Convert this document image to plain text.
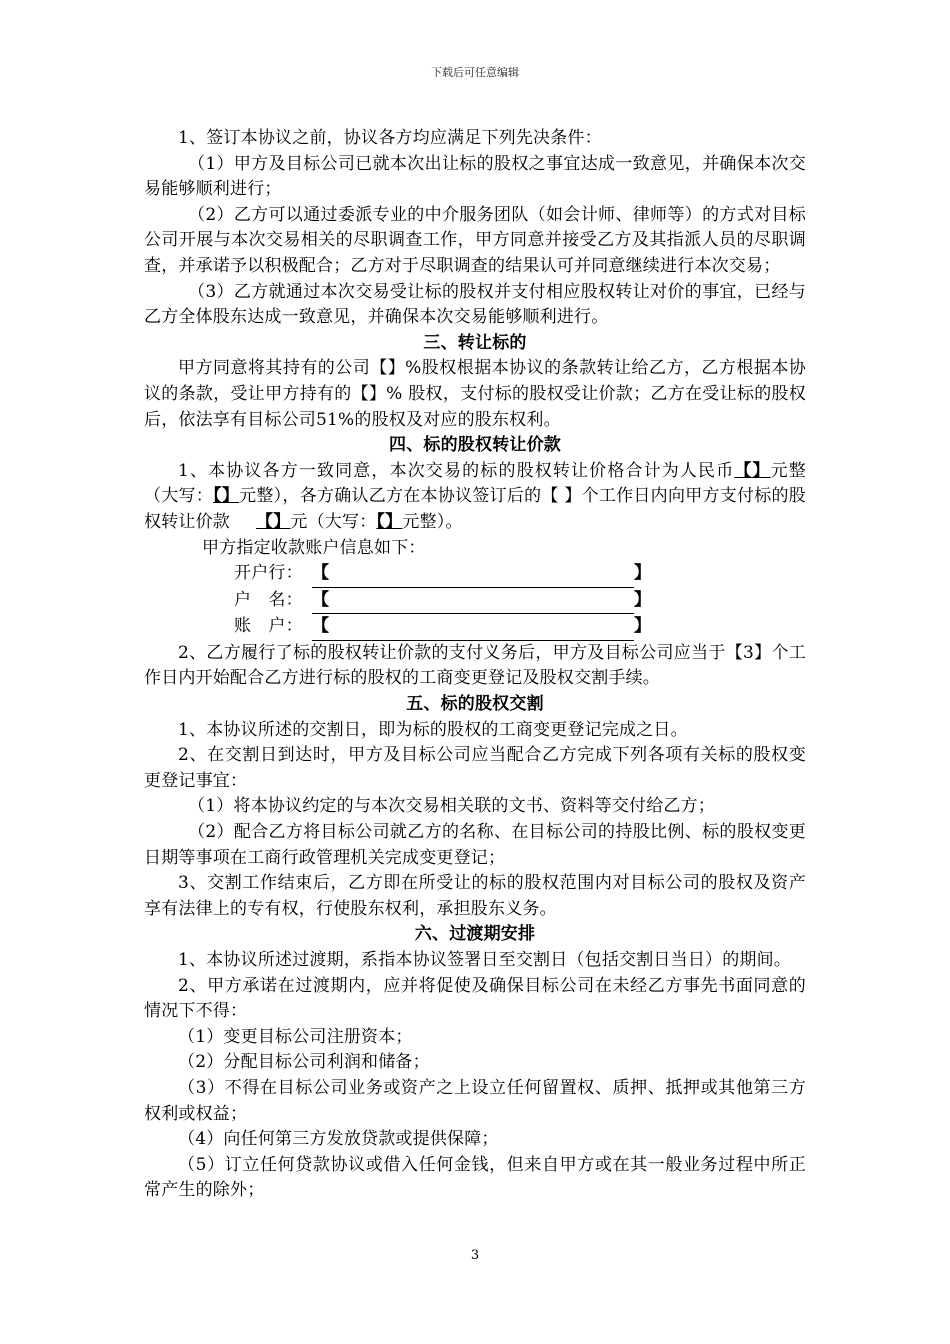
下载后可任意编辑

1、签订本协议之前，协议各方均应满足下列先决条件：

（1）甲方及目标公司已就本次出让标的股权之事宜达成一致意见，并确保本次交易能够顺利进行；

（2）乙方可以通过委派专业的中介服务团队（如会计师、律师等）的方式对目标公司开展与本次交易相关的尽职调查工作，甲方同意并接受乙方及其指派人员的尽职调查，并承诺予以积极配合；乙方对于尽职调查的结果认可并同意继续进行本次交易；

（3）乙方就通过本次交易受让标的股权并支付相应股权转让对价的事宜，已经与乙方全体股东达成一致意见，并确保本次交易能够顺利进行。

三、转让标的

甲方同意将其持有的公司【】%股权根据本协议的条款转让给乙方，乙方根据本协议的条款，受让甲方持有的【】% 股权，支付标的股权受让价款；乙方在受让标的股权后，依法享有目标公司51%的股权及对应的股东权利。

四、标的股权转让价款

1、本协议各方一致同意，本次交易的标的股权转让价格合计为人民币【】元整（大写：【】元整），各方确认乙方在本协议签订后的【 】个工作日内向甲方支付标的股权转让价款 【】元（大写：【】元整）。

甲方指定收款账户信息如下：

开户行： 【	】

户　名： 【	】

账　户： 【	】

2、乙方履行了标的股权转让价款的支付义务后，甲方及目标公司应当于【3】个工作日内开始配合乙方进行标的股权的工商变更登记及股权交割手续。

五、标的股权交割

1、本协议所述的交割日，即为标的股权的工商变更登记完成之日。

2、在交割日到达时，甲方及目标公司应当配合乙方完成下列各项有关标的股权变更登记事宜：

（1）将本协议约定的与本次交易相关联的文书、资料等交付给乙方；

（2）配合乙方将目标公司就乙方的名称、在目标公司的持股比例、标的股权变更日期等事项在工商行政管理机关完成变更登记；

3、交割工作结束后，乙方即在所受让的标的股权范围内对目标公司的股权及资产享有法律上的专有权，行使股东权利，承担股东义务。

六、过渡期安排

1、本协议所述过渡期，系指本协议签署日至交割日（包括交割日当日）的期间。

2、甲方承诺在过渡期内，应并将促使及确保目标公司在未经乙方事先书面同意的情况下不得：

（1）变更目标公司注册资本；

（2）分配目标公司利润和储备；

（3）不得在目标公司业务或资产之上设立任何留置权、质押、抵押或其他第三方权利或权益；

（4）向任何第三方发放贷款或提供保障；

（5）订立任何贷款协议或借入任何金钱，但来自甲方或在其一般业务过程中所正常产生的除外；

3
